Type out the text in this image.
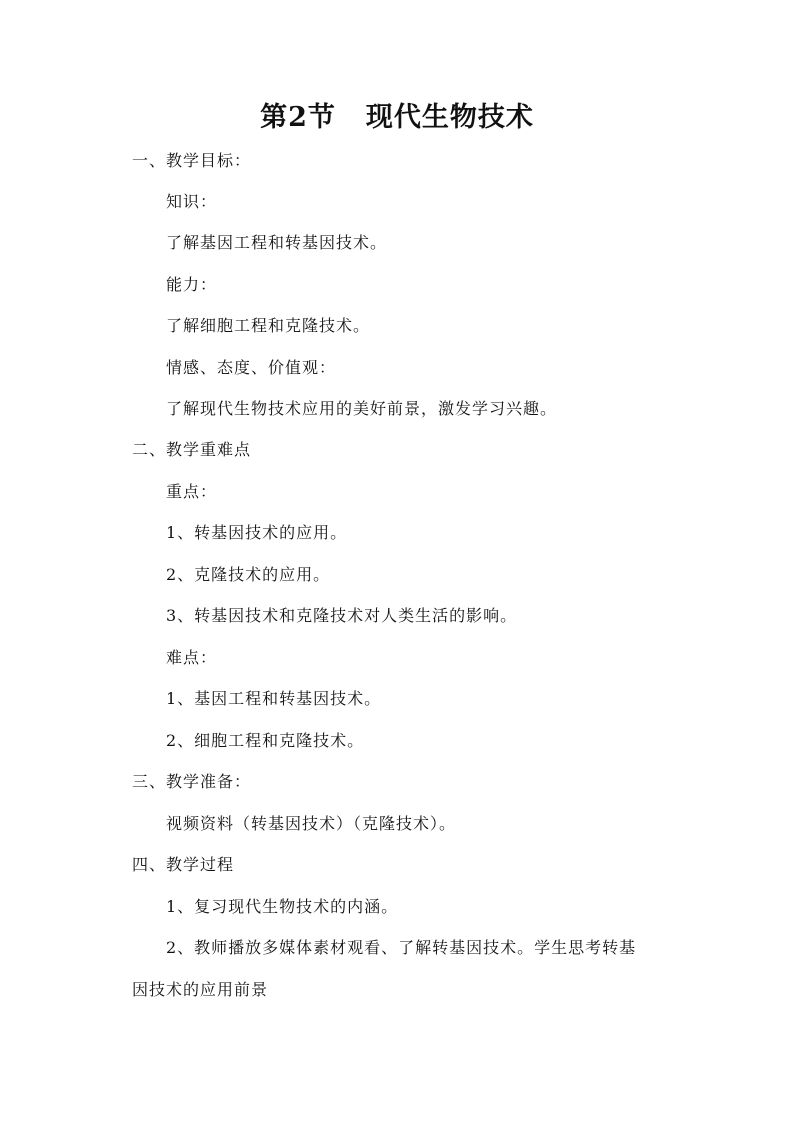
第2节 现代生物技术
一、教学目标：
知识：
了解基因工程和转基因技术。
能力：
了解细胞工程和克隆技术。
情感、态度、价值观：
了解现代生物技术应用的美好前景，激发学习兴趣。
二、教学重难点
重点：
1、转基因技术的应用。
2、克隆技术的应用。
3、转基因技术和克隆技术对人类生活的影响。
难点：
1、基因工程和转基因技术。
2、细胞工程和克隆技术。
三、教学准备：
视频资料（转基因技术）（克隆技术）。
四、教学过程
1、复习现代生物技术的内涵。
2、教师播放多媒体素材观看、了解转基因技术。学生思考转基
因技术的应用前景
